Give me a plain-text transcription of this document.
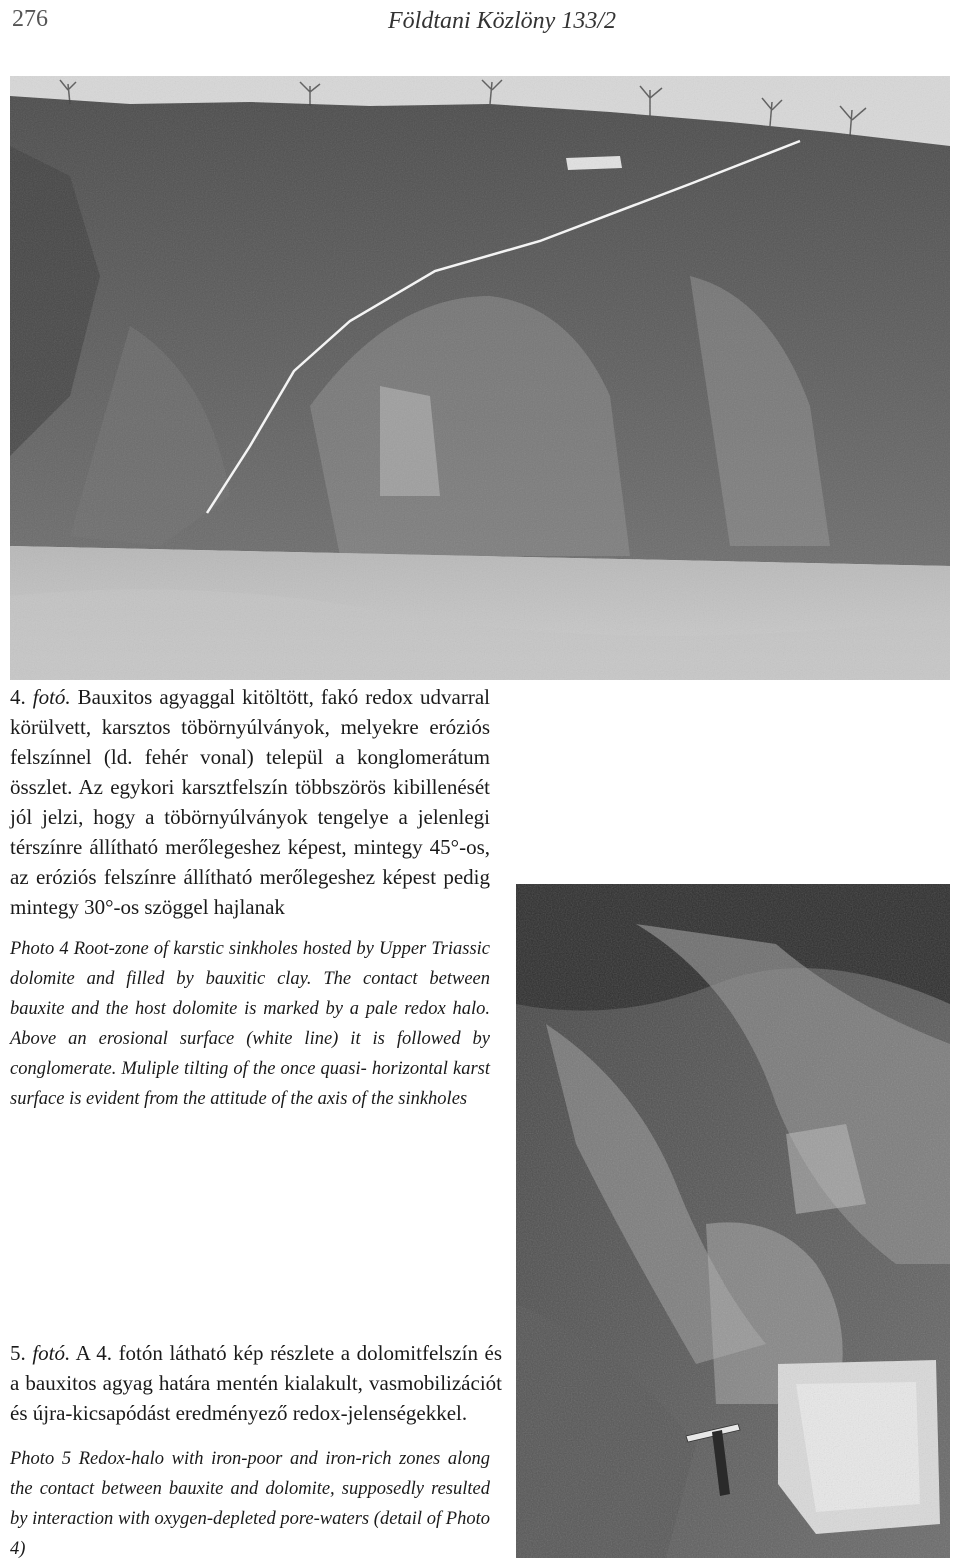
276	Földtani Közlöny 133/2
4. fotó. Bauxitos agyaggal kitöltött, fakó redox udvarral körülvett, karsztos töbörnyúlványok, melyekre eróziós felszínnel (ld. fehér vonal) települ a konglomerátum összlet. Az egykori karsztfelszín többszörös kibillenését jól jelzi, hogy a töbörnyúlványok tengelye a jelenlegi térszínre állítható merőlegeshez képest, mintegy 45°-os, az eróziós felszínre állítható merőlegeshez képest pedig mintegy 30°-os szöggel hajlanak
Photo 4 Root-zone of karstic sinkholes hosted by Upper Triassic dolomite and filled by bauxitic clay. The contact between bauxite and the host dolomite is marked by a pale redox halo. Above an erosional surface (white line) it is followed by conglomerate. Muliple tilting of the once quasi- horizontal karst surface is evident from the attitude of the axis of the sinkholes
5. fotó. A 4. fotón látható kép részlete a dolomitfelszín és a bauxitos agyag határa mentén kialakult, vasmobilizációt és újra-kicsapódást eredményező redox-jelenségekkel.
Photo 5 Redox-halo with iron-poor and iron-rich zones along the contact between bauxite and dolomite, supposedly resulted by interaction with oxygen-depleted pore-waters (detail of Photo 4)
